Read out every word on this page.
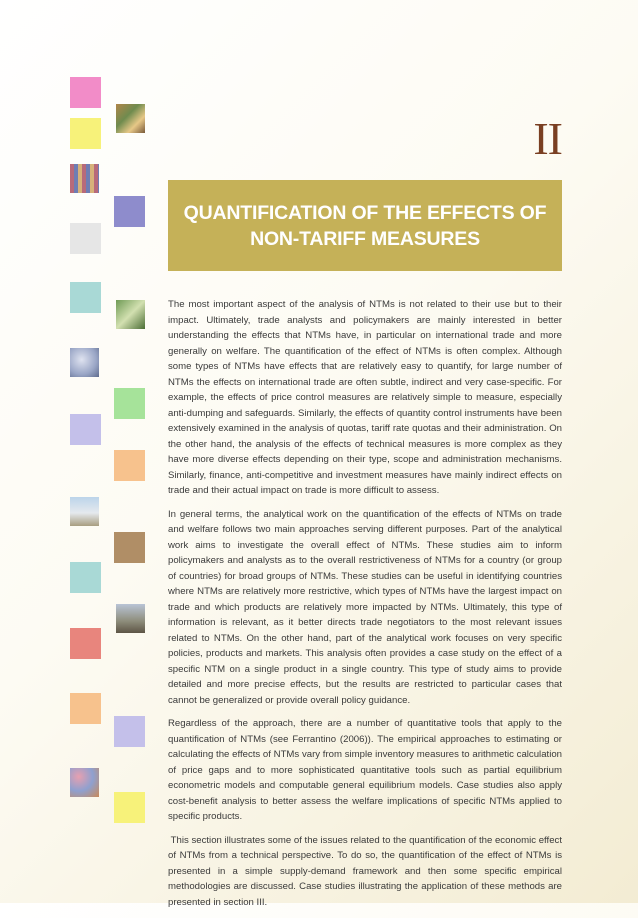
II
QUANTIFICATION OF THE EFFECTS OF
NON-TARIFF MEASURES

The most important aspect of the analysis of NTMs is not related to their use but to their impact. Ultimately, trade analysts and policymakers are mainly interested in better understanding the effects that NTMs have, in particular on international trade and more generally on welfare. The quantification of the effect of NTMs is often complex. Although some types of NTMs have effects that are relatively easy to quantify, for large number of NTMs the effects on international trade are often subtle, indirect and very case-specific. For example, the effects of price control measures are relatively simple to measure, especially anti-dumping and safeguards. Similarly, the effects of quantity control instruments have been extensively examined in the analysis of quotas, tariff rate quotas and their administration. On the other hand, the analysis of the effects of technical measures is more complex as they have more diverse effects depending on their type, scope and administration mechanisms. Similarly, finance, anti-competitive and investment measures have mainly indirect effects on trade and their actual impact on trade is more difficult to assess.

In general terms, the analytical work on the quantification of the effects of NTMs on trade and welfare follows two main approaches serving different purposes. Part of the analytical work aims to investigate the overall effect of NTMs. These studies aim to inform policymakers and analysts as to the overall restrictiveness of NTMs for a country (or group of countries) for broad groups of NTMs. These studies can be useful in identifying countries where NTMs are relatively more restrictive, which types of NTMs have the largest impact on trade and which products are relatively more impacted by NTMs. Ultimately, this type of information is relevant, as it better directs trade negotiators to the most relevant issues related to NTMs. On the other hand, part of the analytical work focuses on very specific policies, products and markets. This analysis often provides a case study on the effect of a specific NTM on a single product in a single country. This type of study aims to provide detailed and more precise effects, but the results are restricted to particular cases that cannot be generalized or provide overall policy guidance.

Regardless of the approach, there are a number of quantitative tools that apply to the quantification of NTMs (see Ferrantino (2006)). The empirical approaches to estimating or calculating the effects of NTMs vary from simple inventory measures to arithmetic calculation of price gaps and to more sophisticated quantitative tools such as partial equilibrium econometric models and computable general equilibrium models. Case studies also apply cost-benefit analysis to better assess the welfare implications of specific NTMs applied to specific products.

This section illustrates some of the issues related to the quantification of the economic effect of NTMs from a technical perspective. To do so, the quantification of the effect of NTMs is presented in a simple supply-demand framework and then some specific empirical methodologies are discussed. Case studies illustrating the application of these methods are presented in section III.
